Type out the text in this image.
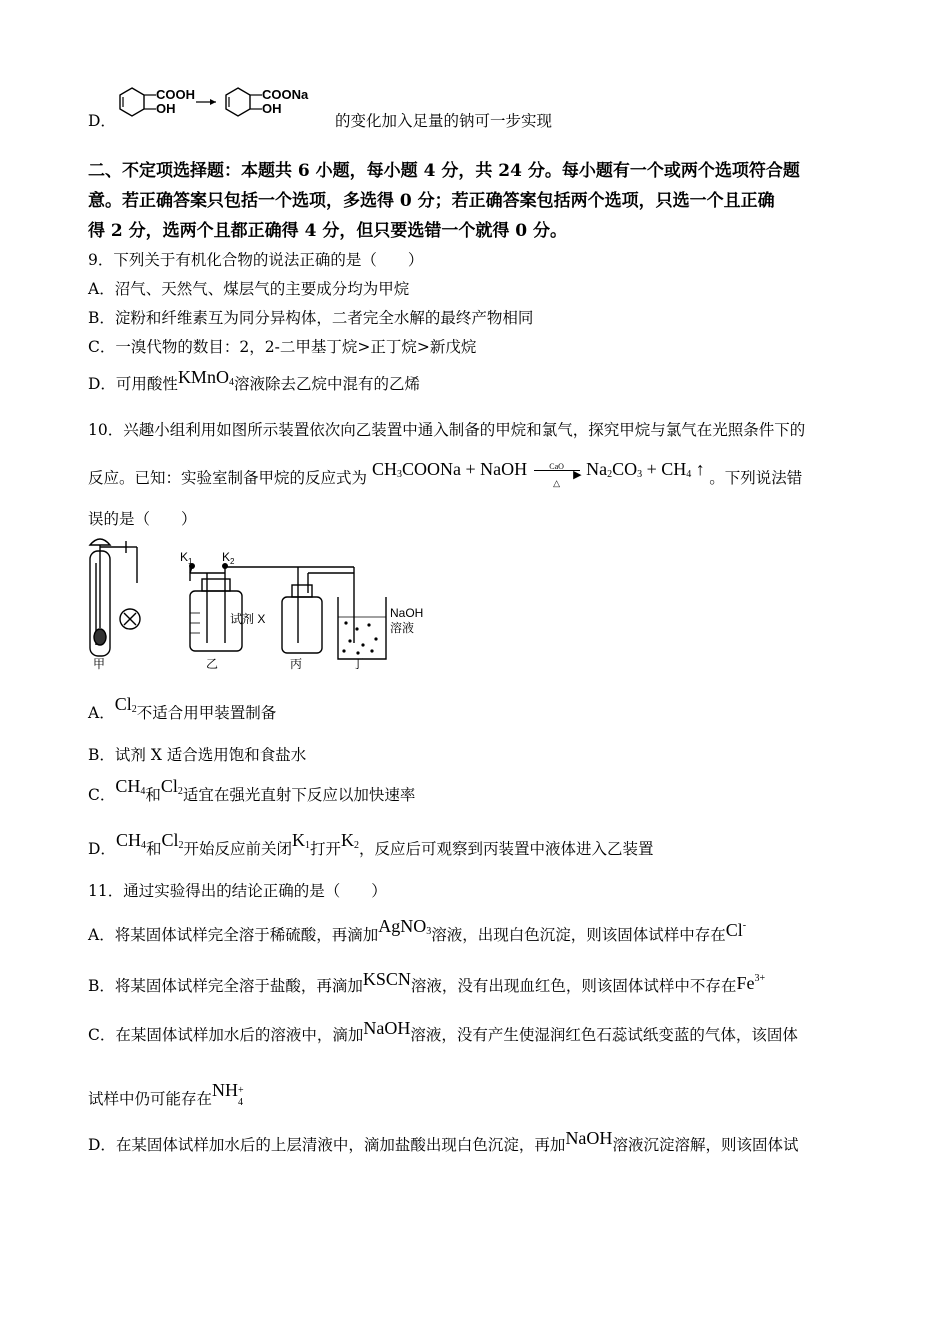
D．
COOH
OH
COONa
OH
的变化加入足量的钠可一步实现
二、不定项选择题：本题共 6 小题，每小题 4 分，共 24 分。每小题有一个或两个选项符合题
意。若正确答案只包括一个选项，多选得 0 分；若正确答案包括两个选项，只选一个且正确
得 2 分，选两个且都正确得 4 分，但只要选错一个就得 0 分。
9．下列关于有机化合物的说法正确的是（　　）
A．沼气、天然气、煤层气的主要成分均为甲烷
B．淀粉和纤维素互为同分异构体，二者完全水解的最终产物相同
C．一溴代物的数目：2，2-二甲基丁烷>正丁烷>新戊烷
D．可用酸性KMnO$_4$溶液除去乙烷中混有的乙烯
10．兴趣小组利用如图所示装置依次向乙装置中通入制备的甲烷和氯气，探究甲烷与氯气在光照条件下的
反应。已知：实验室制备甲烷的反应式为 $CH_3COONa$ + NaOH	CaO
▶
△
$Na_2CO_3 + CH_4$ ↑ 。下列说法错
误的是（　　）
$K_1$ $K_2$
试剂 X	NaOH
溶液
甲	乙	丙	丁
A．$Cl_2$不适合用甲装置制备
B．试剂 X 适合选用饱和食盐水
C．$CH_4$和$Cl_2$适宜在强光直射下反应以加快速率
D．$CH_4$和$Cl_2$开始反应前关闭$K_1$打开$K_2$，反应后可观察到丙装置中液体进入乙装置
11．通过实验得出的结论正确的是（　　）
A．将某固体试样完全溶于稀硫酸，再滴加AgNO$_3$溶液，出现白色沉淀，则该固体试样中存在Cl-
B．将某固体试样完全溶于盐酸，再滴加KSCN溶液，没有出现血红色，则该固体试样中不存在$Fe^{3+}$
C．在某固体试样加水后的溶液中，滴加NaOH溶液，没有产生使湿润红色石蕊试纸变蓝的气体，该固体
试样中仍可能存在NH +
4
D．在某固体试样加水后的上层清液中，滴加盐酸出现白色沉淀，再加NaOH溶液沉淀溶解，则该固体试
